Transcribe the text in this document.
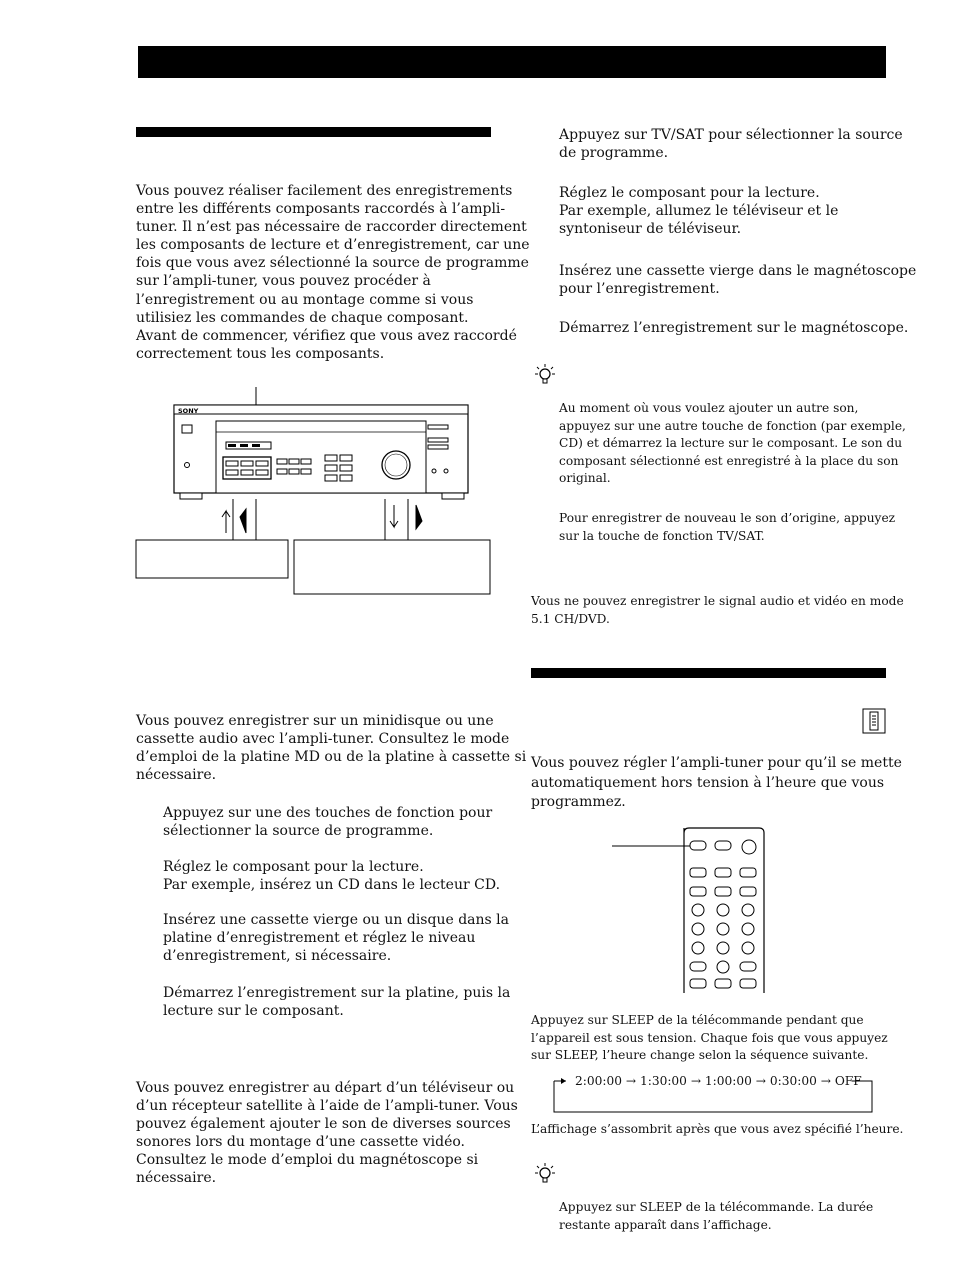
Vous pouvez réaliser facilement des enregistrements
entre les différents composants raccordés à l’ampli-
tuner. Il n’est pas nécessaire de raccorder directement
les composants de lecture et d’enregistrement, car une
fois que vous avez sélectionné la source de programme
sur l’ampli-tuner, vous pouvez procéder à
l’enregistrement ou au montage comme si vous
utilisiez les commandes de chaque composant.
Avant de commencer, vérifiez que vous avez raccordé
correctement tous les composants.
SONY
Vous pouvez enregistrer sur un minidisque ou une
cassette audio avec l’ampli-tuner. Consultez le mode
d’emploi de la platine MD ou de la platine à cassette si
nécessaire.
Appuyez sur une des touches de fonction pour
sélectionner la source de programme.
Réglez le composant pour la lecture.
Par exemple, insérez un CD dans le lecteur CD.
Insérez une cassette vierge ou un disque dans la
platine d’enregistrement et réglez le niveau
d’enregistrement, si nécessaire.
Démarrez l’enregistrement sur la platine, puis la
lecture sur le composant.
Vous pouvez enregistrer au départ d’un téléviseur ou
d’un récepteur satellite à l’aide de l’ampli-tuner. Vous
pouvez également ajouter le son de diverses sources
sonores lors du montage d’une cassette vidéo.
Consultez le mode d’emploi du magnétoscope si
nécessaire.
Appuyez sur TV/SAT pour sélectionner la source
de programme.
Réglez le composant pour la lecture.
Par exemple, allumez le téléviseur et le
syntoniseur de téléviseur.
Insérez une cassette vierge dans le magnétoscope
pour l’enregistrement.
Démarrez l’enregistrement sur le magnétoscope.
Au moment où vous voulez ajouter un autre son,
appuyez sur une autre touche de fonction (par exemple,
CD) et démarrez la lecture sur le composant. Le son du
composant sélectionné est enregistré à la place du son
original.
Pour enregistrer de nouveau le son d’origine, appuyez
sur la touche de fonction TV/SAT.
Vous ne pouvez enregistrer le signal audio et vidéo en mode
5.1 CH/DVD.
Vous pouvez régler l’ampli-tuner pour qu’il se mette
automatiquement hors tension à l’heure que vous
programmez.
Appuyez sur SLEEP de la télécommande pendant que
l’appareil est sous tension. Chaque fois que vous appuyez
sur SLEEP, l’heure change selon la séquence suivante.
2:00:00 → 1:30:00 → 1:00:00 → 0:30:00 → OFF
L’affichage s’assombrit après que vous avez spécifié l’heure.
Appuyez sur SLEEP de la télécommande. La durée
restante apparaît dans l’affichage.
